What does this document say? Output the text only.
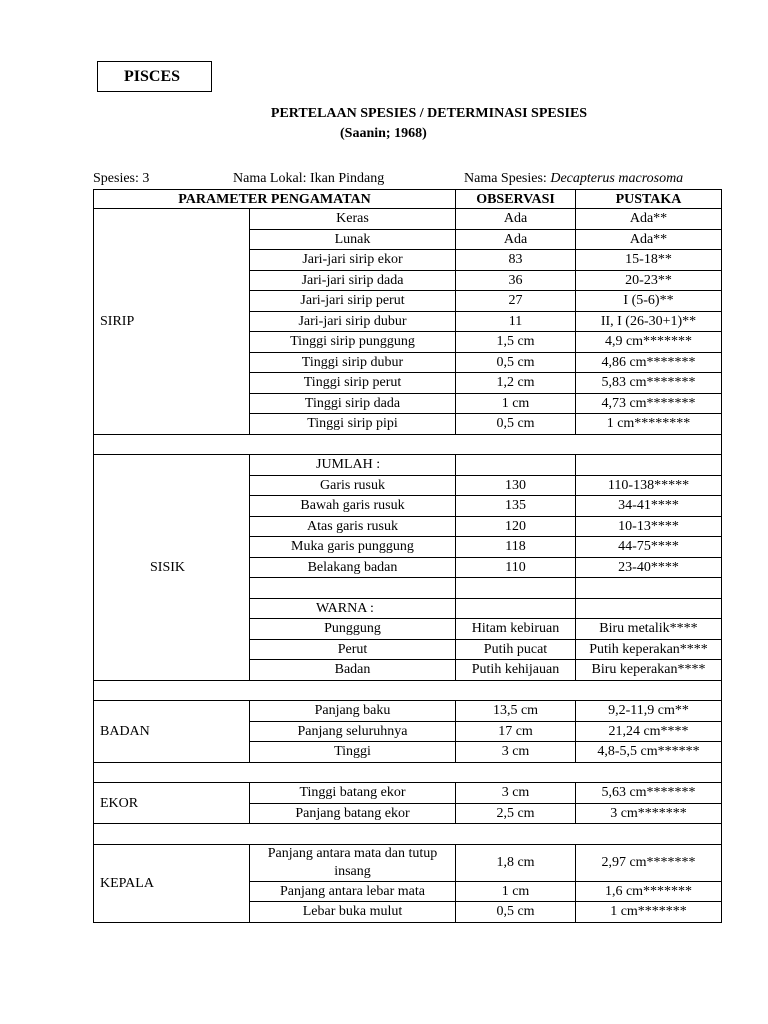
PISCES
PERTELAAN SPESIES / DETERMINASI SPESIES
(Saanin; 1968)
Spesies: 3	Nama Lokal: Ikan Pindang	Nama Spesies: Decapterus macrosoma
PARAMETER PENGAMATAN		OBSERVASI	PUSTAKA
SIRIP	Keras	Ada	Ada**
	Lunak	Ada	Ada**
	Jari-jari sirip ekor	83	15-18**
	Jari-jari sirip dada	36	20-23**
	Jari-jari sirip perut	27	I (5-6)**
	Jari-jari sirip dubur	11	II, I (26-30+1)**
	Tinggi sirip punggung	1,5 cm	4,9 cm*******
	Tinggi sirip dubur	0,5 cm	4,86 cm*******
	Tinggi sirip perut	1,2 cm	5,83 cm*******
	Tinggi sirip dada	1 cm	4,73 cm*******
	Tinggi sirip pipi	0,5 cm	1 cm********

SISIK	JUMLAH :		
	Garis rusuk	130	110-138*****
	Bawah garis rusuk	135	34-41****
	Atas garis rusuk	120	10-13****
	Muka garis punggung	118	44-75****
	Belakang badan	110	23-40****

	WARNA :		
	Punggung	Hitam kebiruan	Biru metalik****
	Perut	Putih pucat	Putih keperakan****
	Badan	Putih kehijauan	Biru keperakan****

BADAN	Panjang baku	13,5 cm	9,2-11,9 cm**
	Panjang seluruhnya	17 cm	21,24 cm****
	Tinggi	3 cm	4,8-5,5 cm******

EKOR	Tinggi batang ekor	3 cm	5,63 cm*******
	Panjang batang ekor	2,5 cm	3 cm*******

KEPALA	Panjang antara mata dan tutup insang	1,8 cm	2,97 cm*******
	Panjang antara lebar mata	1 cm	1,6 cm*******
	Lebar buka mulut	0,5 cm	1 cm*******
